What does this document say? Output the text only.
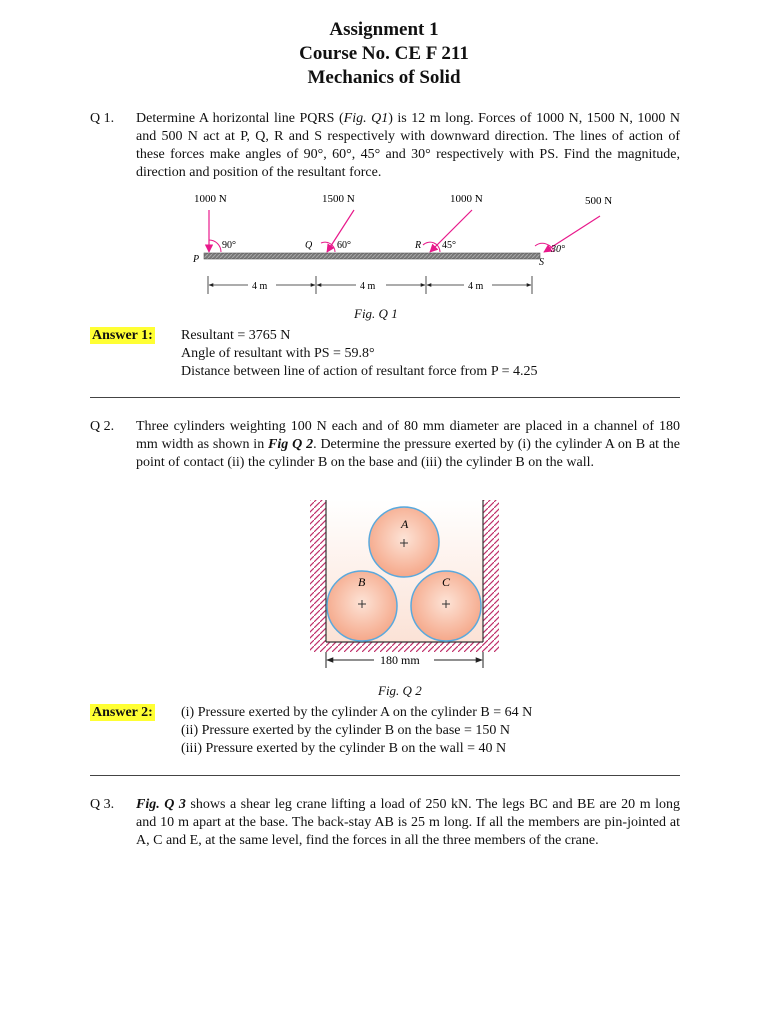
Assignment 1
Course No. CE F 211
Mechanics of Solid
Q 1. Determine A horizontal line PQRS (Fig. Q1) is 12 m long. Forces of 1000 N, 1500 N, 1000 N and 500 N act at P, Q, R and S respectively with downward direction. The lines of action of these forces make angles of 90°, 60°, 45° and 30° respectively with PS. Find the magnitude, direction and position of the resultant force.
1000 N	1500 N	1000 N	500 N
90°	60°	45°	30°
P
Q	R
S
4 m	4 m	4 m
Fig. Q 1
Answer 1: Resultant = 3765 N
Angle of resultant with PS = 59.8°
Distance between line of action of resultant force from P = 4.25
Q 2. Three cylinders weighting 100 N each and of 80 mm diameter are placed in a channel of 180 mm width as shown in Fig Q 2. Determine the pressure exerted by (i) the cylinder A on B at the point of contact (ii) the cylinder B on the base and (iii) the cylinder B on the wall.
A
B	C
180 mm
Fig. Q 2
Answer 2: (i) Pressure exerted by the cylinder A on the cylinder B = 64 N
(ii) Pressure exerted by the cylinder B on the base = 150 N
(iii) Pressure exerted by the cylinder B on the wall = 40 N
Q 3. Fig. Q 3 shows a shear leg crane lifting a load of 250 kN. The legs BC and BE are 20 m long and 10 m apart at the base. The back-stay AB is 25 m long. If all the members are pin-jointed at A, C and E, at the same level, find the forces in all the three members of the crane.
